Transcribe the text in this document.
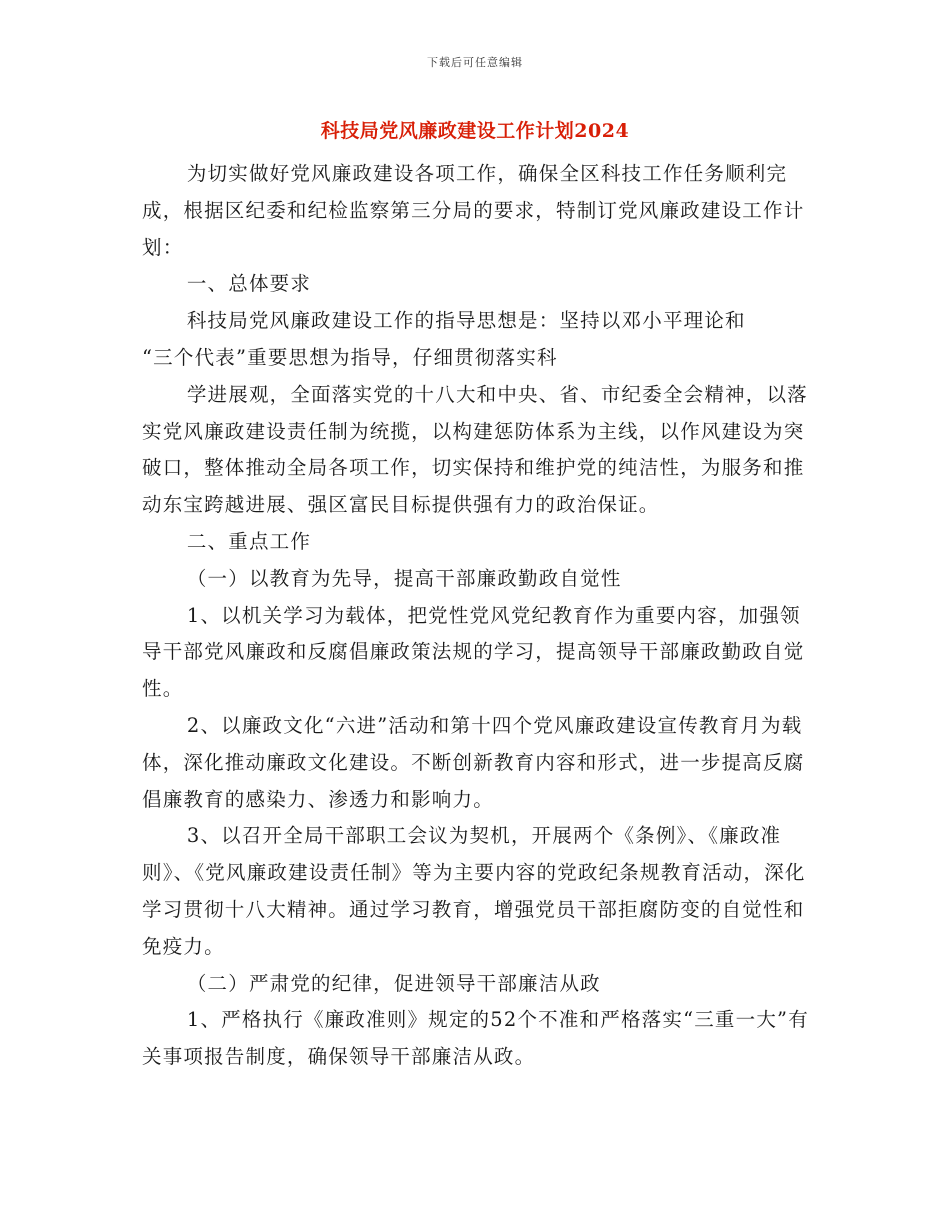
下载后可任意编辑
科技局党风廉政建设工作计划2024

为切实做好党风廉政建设各项工作，确保全区科技工作任务顺利完成，根据区纪委和纪检监察第三分局的要求，特制订党风廉政建设工作计划：

一、总体要求

科技局党风廉政建设工作的指导思想是：坚持以邓小平理论和

“三个代表”重要思想为指导，仔细贯彻落实科

学进展观，全面落实党的十八大和中央、省、市纪委全会精神，以落实党风廉政建设责任制为统揽，以构建惩防体系为主线，以作风建设为突破口，整体推动全局各项工作，切实保持和维护党的纯洁性，为服务和推动东宝跨越进展、强区富民目标提供强有力的政治保证。

二、重点工作

（一）以教育为先导，提高干部廉政勤政自觉性

1、以机关学习为载体，把党性党风党纪教育作为重要内容，加强领导干部党风廉政和反腐倡廉政策法规的学习，提高领导干部廉政勤政自觉性。

2、以廉政文化“六进”活动和第十四个党风廉政建设宣传教育月为载体，深化推动廉政文化建设。不断创新教育内容和形式，进一步提高反腐倡廉教育的感染力、渗透力和影响力。

3、以召开全局干部职工会议为契机，开展两个《条例》、《廉政准则》、《党风廉政建设责任制》等为主要内容的党政纪条规教育活动，深化学习贯彻十八大精神。通过学习教育，增强党员干部拒腐防变的自觉性和免疫力。

（二）严肃党的纪律，促进领导干部廉洁从政

1、严格执行《廉政准则》规定的52个不准和严格落实“三重一大”有关事项报告制度，确保领导干部廉洁从政。
